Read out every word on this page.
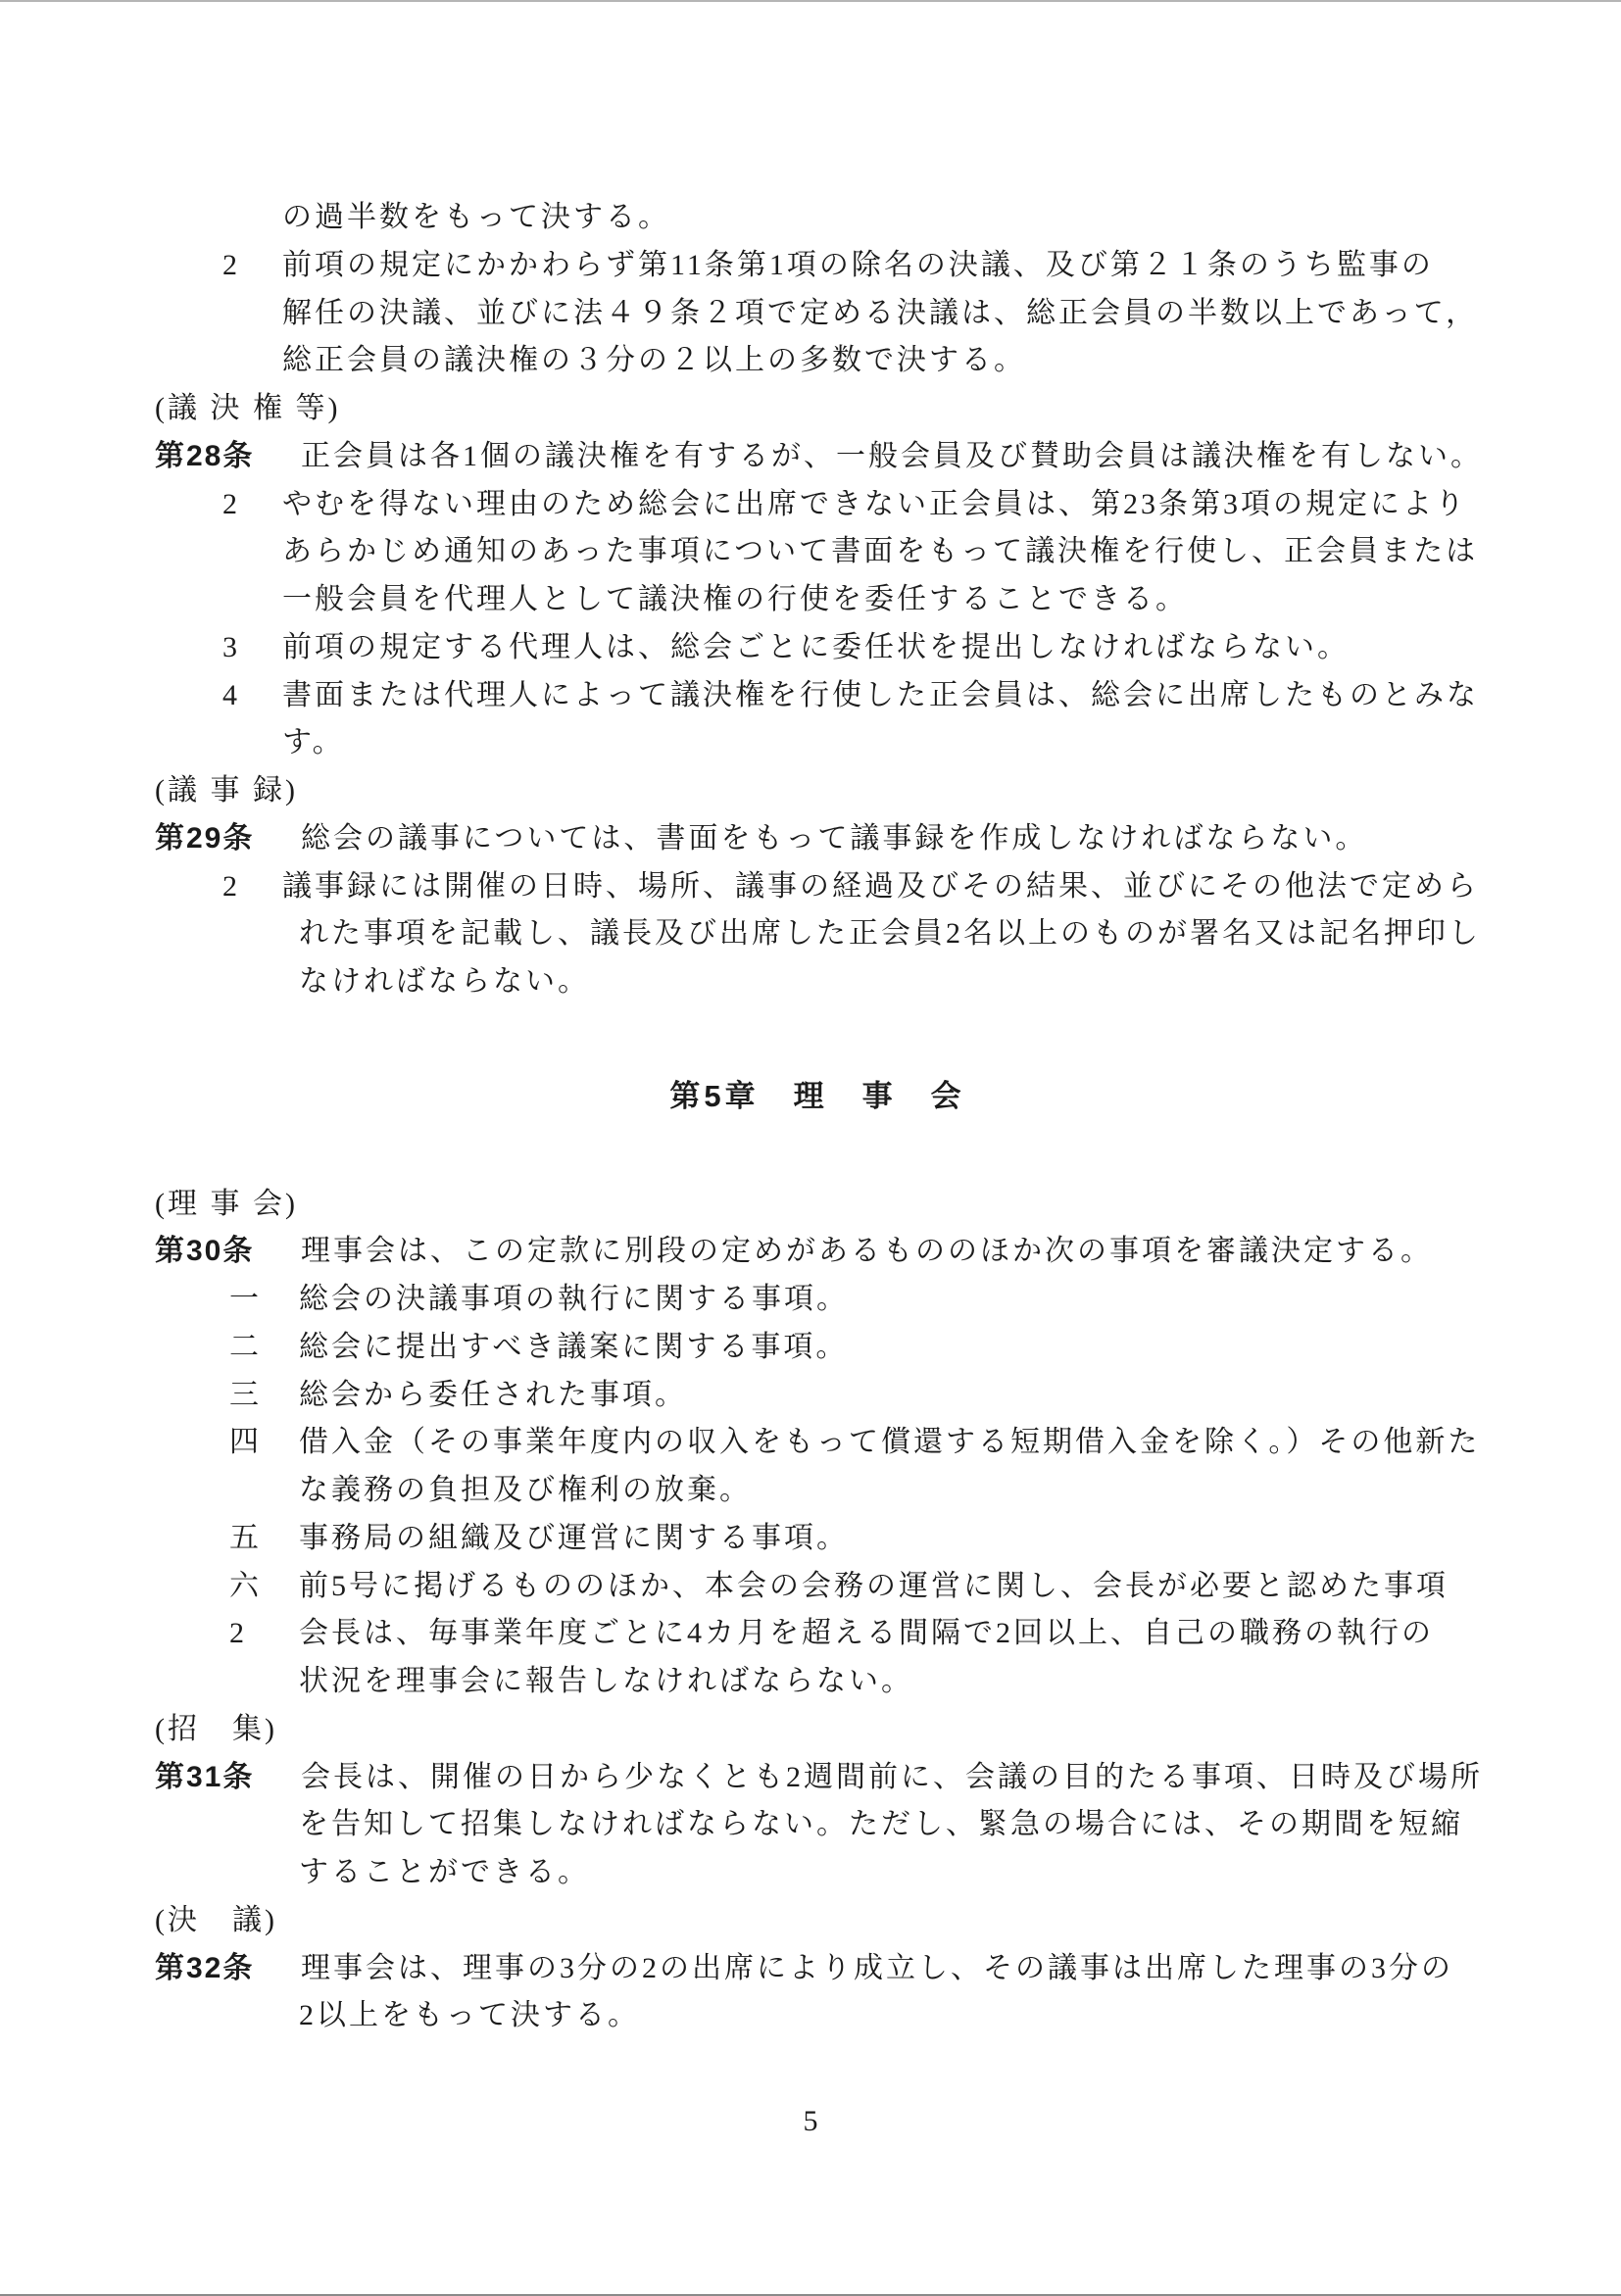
の過半数をもって決する。
2	前項の規定にかかわらず第11条第1項の除名の決議、及び第２１条のうち監事の
解任の決議、並びに法４９条２項で定める決議は、総正会員の半数以上であって，
総正会員の議決権の３分の２以上の多数で決する。
(議 決 権 等)
第28条	正会員は各1個の議決権を有するが、一般会員及び賛助会員は議決権を有しない。
2	やむを得ない理由のため総会に出席できない正会員は、第23条第3項の規定により
あらかじめ通知のあった事項について書面をもって議決権を行使し、正会員または
一般会員を代理人として議決権の行使を委任することできる。
3	前項の規定する代理人は、総会ごとに委任状を提出しなければならない。
4	書面または代理人によって議決権を行使した正会員は、総会に出席したものとみな
す。
(議 事 録)
第29条	総会の議事については、書面をもって議事録を作成しなければならない。
2	議事録には開催の日時、場所、議事の経過及びその結果、並びにその他法で定めら
れた事項を記載し、議長及び出席した正会員2名以上のものが署名又は記名押印し
なければならない。
第5章　理　事　会
(理 事 会)
第30条	理事会は、この定款に別段の定めがあるもののほか次の事項を審議決定する。
一	総会の決議事項の執行に関する事項。
二	総会に提出すべき議案に関する事項。
三	総会から委任された事項。
四	借入金（その事業年度内の収入をもって償還する短期借入金を除く。）その他新た
な義務の負担及び権利の放棄。
五	事務局の組織及び運営に関する事項。
六	前5号に掲げるもののほか、本会の会務の運営に関し、会長が必要と認めた事項
2	会長は、毎事業年度ごとに4カ月を超える間隔で2回以上、自己の職務の執行の
状況を理事会に報告しなければならない。
(招　集)
第31条	会長は、開催の日から少なくとも2週間前に、会議の目的たる事項、日時及び場所
を告知して招集しなければならない。ただし、緊急の場合には、その期間を短縮
することができる。
(決　議)
第32条	理事会は、理事の3分の2の出席により成立し、その議事は出席した理事の3分の
2以上をもって決する。
5
